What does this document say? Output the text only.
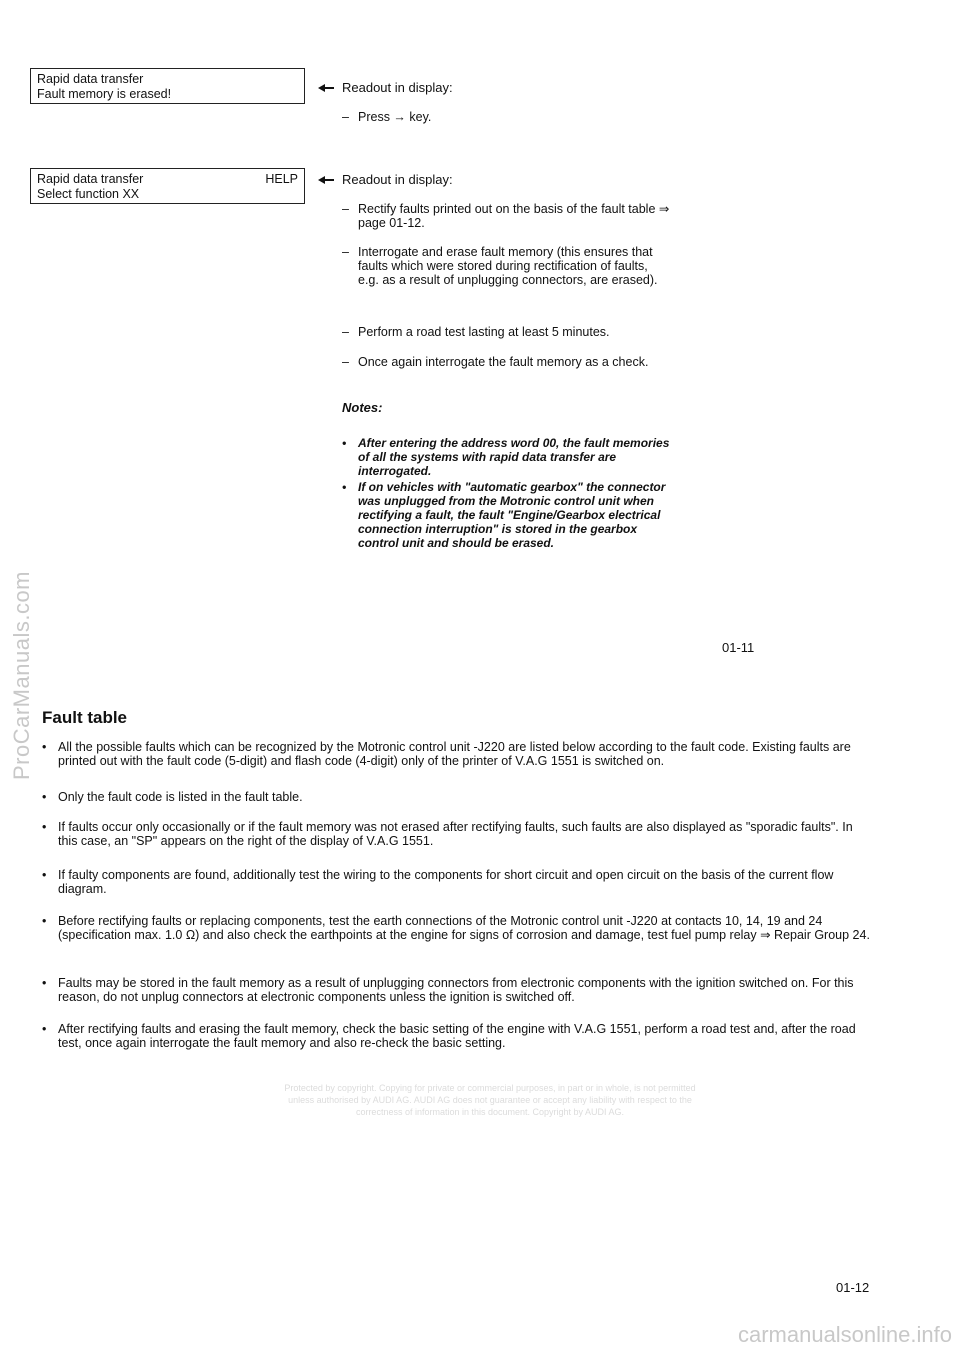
Rapid data transfer
Fault memory is erased!	Readout in display:
– Press → key.
Rapid data transfer	HELP
Select function XX
Readout in display:
– Rectify faults printed out on the basis of the fault table ⇒ page 01-12.
– Interrogate and erase fault memory (this ensures that faults which were stored during rectification of faults, e.g. as a result of unplugging connectors, are erased).
– Perform a road test lasting at least 5 minutes.
– Once again interrogate the fault memory as a check.
Notes:
• After entering the address word 00, the fault memories of all the systems with rapid data transfer are interrogated.
• If on vehicles with "automatic gearbox" the connector was unplugged from the Motronic control unit when rectifying a fault, the fault "Engine/Gearbox electrical connection interruption" is stored in the gearbox control unit and should be erased.
01-11
Fault table
• All the possible faults which can be recognized by the Motronic control unit -J220 are listed below according to the fault code. Existing faults are printed out with the fault code (5-digit) and flash code (4-digit) only of the printer of V.A.G 1551 is switched on.
• Only the fault code is listed in the fault table.
• If faults occur only occasionally or if the fault memory was not erased after rectifying faults, such faults are also displayed as "sporadic faults". In this case, an "SP" appears on the right of the display of V.A.G 1551.
• If faulty components are found, additionally test the wiring to the components for short circuit and open circuit on the basis of the current flow diagram.
• Before rectifying faults or replacing components, test the earth connections of the Motronic control unit -J220 at contacts 10, 14, 19 and 24 (specification max. 1.0 Ω) and also check the earthpoints at the engine for signs of corrosion and damage, test fuel pump relay ⇒ Repair Group 24.
• Faults may be stored in the fault memory as a result of unplugging connectors from electronic components with the ignition switched on. For this reason, do not unplug connectors at electronic components unless the ignition is switched off.
• After rectifying faults and erasing the fault memory, check the basic setting of the engine with V.A.G 1551, perform a road test and, after the road test, once again interrogate the fault memory and also re-check the basic setting.
Protected by copyright. Copying for private or commercial purposes, in part or in whole, is not permitted unless authorised by AUDI AG. AUDI AG does not guarantee or accept any liability with respect to the correctness of information in this document. Copyright by AUDI AG.
01-12
ProCarManuals.com
carmanualsonline.info
